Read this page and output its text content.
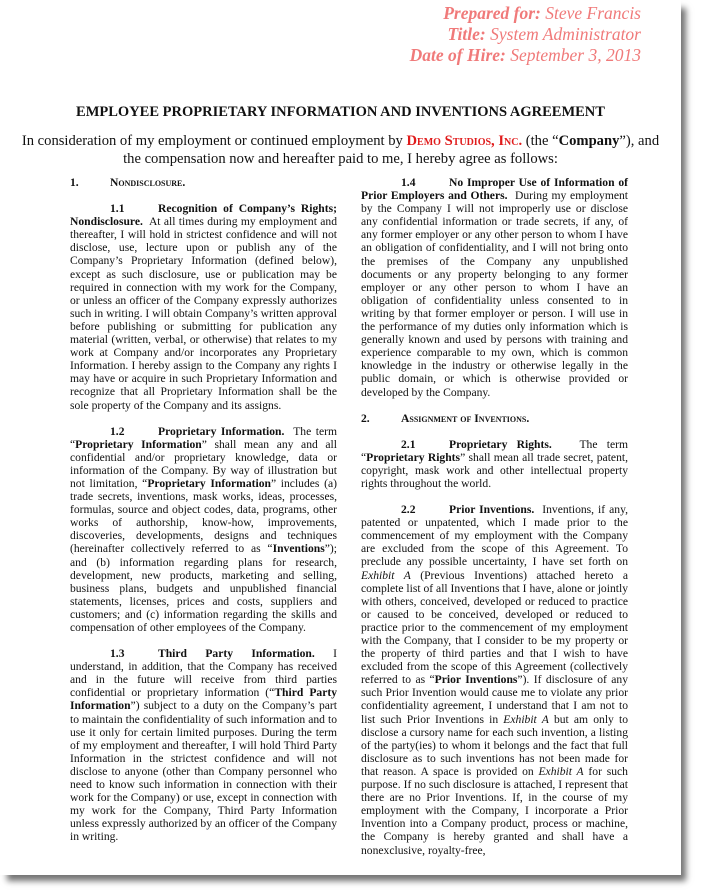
Prepared for: Steve Francis
Title: System Administrator
Date of Hire: September 3, 2013
EMPLOYEE PROPRIETARY INFORMATION AND INVENTIONS AGREEMENT
In consideration of my employment or continued employment by Demo Studios, Inc. (the “Company”), and the compensation now and hereafter paid to me, I hereby agree as follows:
1.	Nondisclosure.

1.1	Recognition of Company’s Rights; Nondisclosure. At all times during my employment and thereafter, I will hold in strictest confidence and will not disclose, use, lecture upon or publish any of the Company’s Proprietary Information (defined below), except as such disclosure, use or publication may be required in connection with my work for the Company, or unless an officer of the Company expressly authorizes such in writing. I will obtain Company’s written approval before publishing or submitting for publication any material (written, verbal, or otherwise) that relates to my work at Company and/or incorporates any Proprietary Information. I hereby assign to the Company any rights I may have or acquire in such Proprietary Information and recognize that all Proprietary Information shall be the sole property of the Company and its assigns.

1.2	Proprietary Information. The term “Proprietary Information” shall mean any and all confidential and/or proprietary knowledge, data or information of the Company. By way of illustration but not limitation, “Proprietary Information” includes (a) trade secrets, inventions, mask works, ideas, processes, formulas, source and object codes, data, programs, other works of authorship, know-how, improvements, discoveries, developments, designs and techniques (hereinafter collectively referred to as “Inventions”); and (b) information regarding plans for research, development, new products, marketing and selling, business plans, budgets and unpublished financial statements, licenses, prices and costs, suppliers and customers; and (c) information regarding the skills and compensation of other employees of the Company.

1.3	Third Party Information. I understand, in addition, that the Company has received and in the future will receive from third parties confidential or proprietary information (“Third Party Information”) subject to a duty on the Company’s part to maintain the confidentiality of such information and to use it only for certain limited purposes. During the term of my employment and thereafter, I will hold Third Party Information in the strictest confidence and will not disclose to anyone (other than Company personnel who need to know such information in connection with their work for the Company) or use, except in connection with my work for the Company, Third Party Information unless expressly authorized by an officer of the Company in writing.

1.4	No Improper Use of Information of Prior Employers and Others. During my employment by the Company I will not improperly use or disclose any confidential information or trade secrets, if any, of any former employer or any other person to whom I have an obligation of confidentiality, and I will not bring onto the premises of the Company any unpublished documents or any property belonging to any former employer or any other person to whom I have an obligation of confidentiality unless consented to in writing by that former employer or person. I will use in the performance of my duties only information which is generally known and used by persons with training and experience comparable to my own, which is common knowledge in the industry or otherwise legally in the public domain, or which is otherwise provided or developed by the Company.

2.	Assignment of Inventions.

2.1	Proprietary Rights. The term “Proprietary Rights” shall mean all trade secret, patent, copyright, mask work and other intellectual property rights throughout the world.

2.2	Prior Inventions. Inventions, if any, patented or unpatented, which I made prior to the commencement of my employment with the Company are excluded from the scope of this Agreement. To preclude any possible uncertainty, I have set forth on Exhibit A (Previous Inventions) attached hereto a complete list of all Inventions that I have, alone or jointly with others, conceived, developed or reduced to practice or caused to be conceived, developed or reduced to practice prior to the commencement of my employment with the Company, that I consider to be my property or the property of third parties and that I wish to have excluded from the scope of this Agreement (collectively referred to as “Prior Inventions”). If disclosure of any such Prior Invention would cause me to violate any prior confidentiality agreement, I understand that I am not to list such Prior Inventions in Exhibit A but am only to disclose a cursory name for each such invention, a listing of the party(ies) to whom it belongs and the fact that full disclosure as to such inventions has not been made for that reason. A space is provided on Exhibit A for such purpose. If no such disclosure is attached, I represent that there are no Prior Inventions. If, in the course of my employment with the Company, I incorporate a Prior Invention into a Company product, process or machine, the Company is hereby granted and shall have a nonexclusive, royalty-free,
